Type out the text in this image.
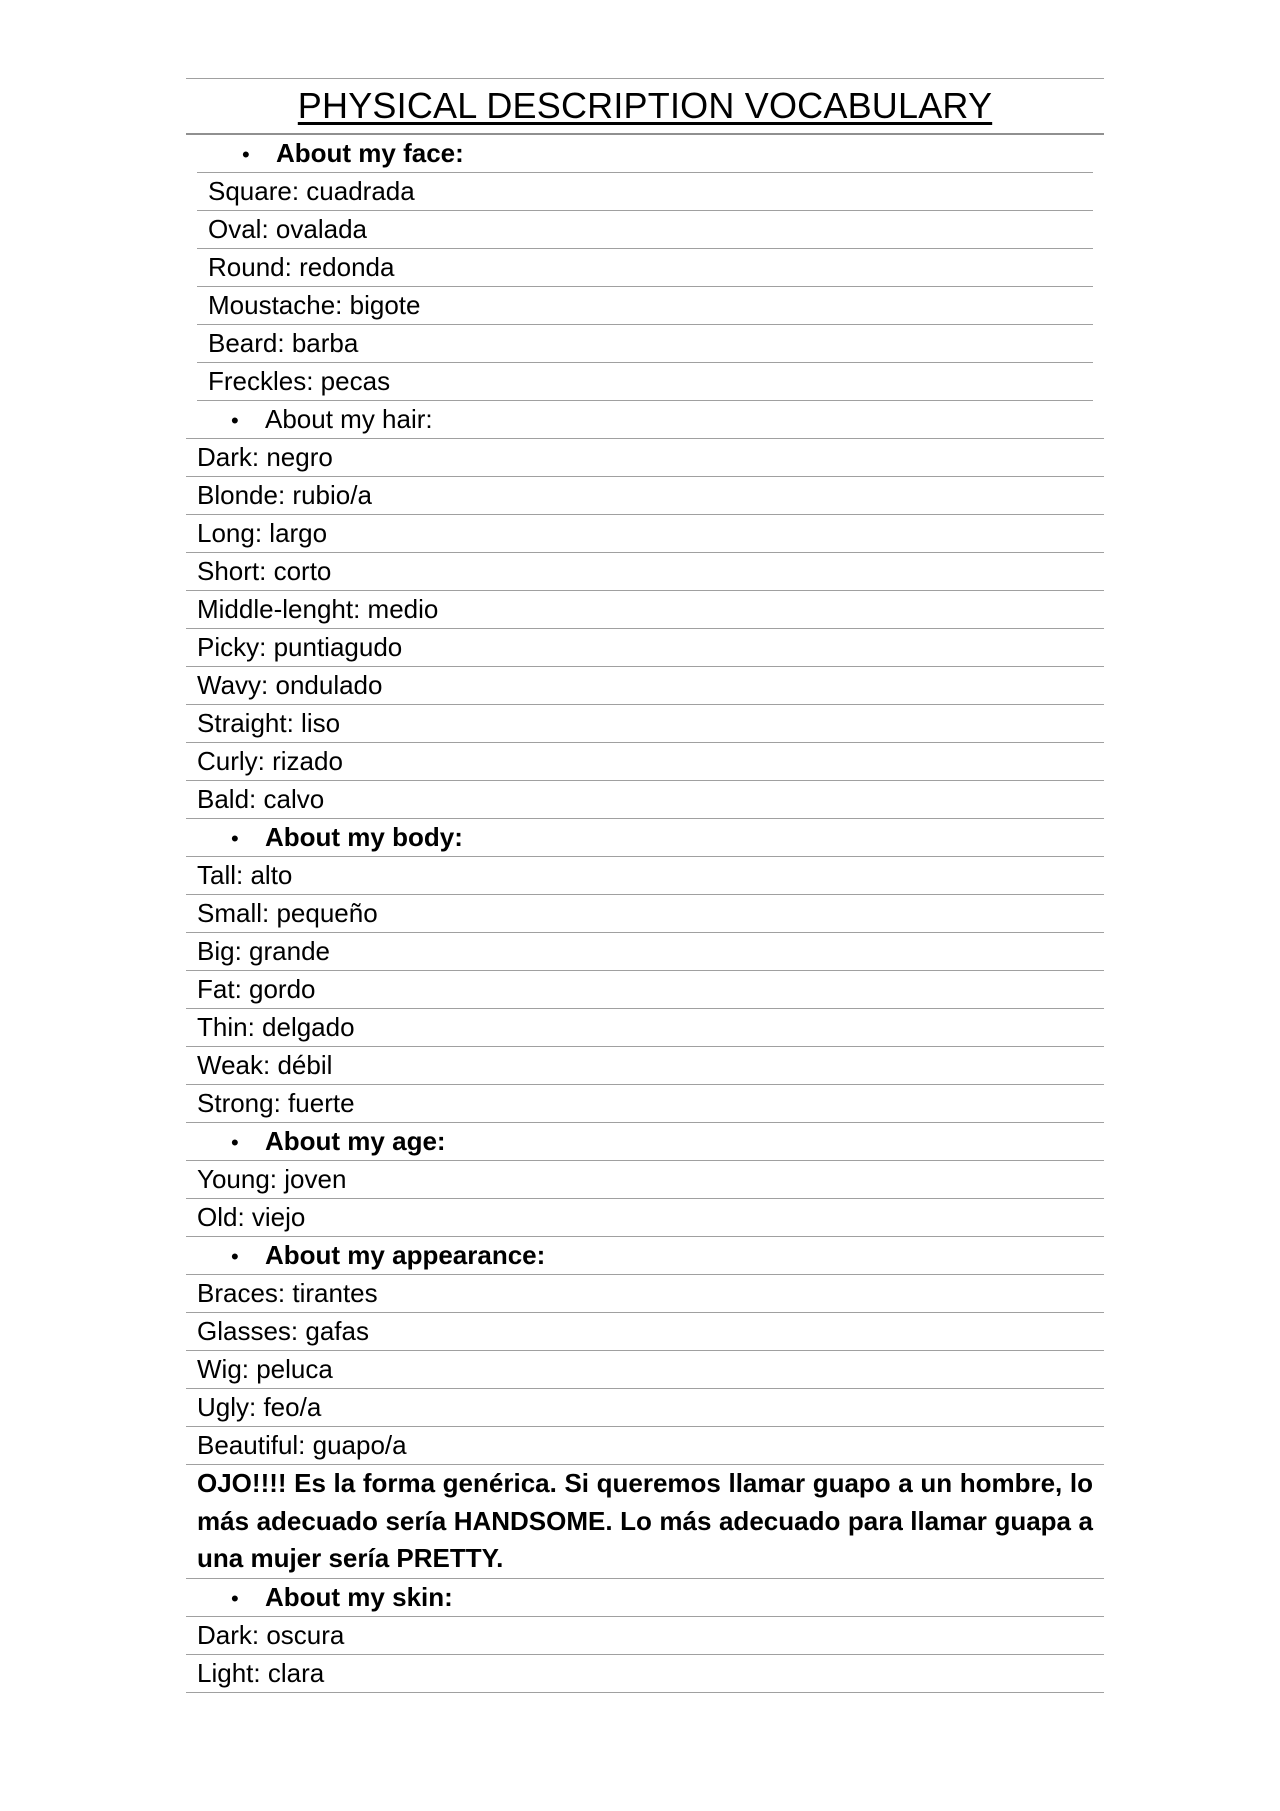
PHYSICAL DESCRIPTION VOCABULARY
• About my face:
Square: cuadrada
Oval: ovalada
Round: redonda
Moustache: bigote
Beard: barba
Freckles: pecas
• About my hair:
Dark: negro
Blonde: rubio/a
Long: largo
Short: corto
Middle-lenght: medio
Picky: puntiagudo
Wavy: ondulado
Straight: liso
Curly: rizado
Bald: calvo
• About my body:
Tall: alto
Small: pequeño
Big: grande
Fat: gordo
Thin: delgado
Weak: débil
Strong: fuerte
• About my age:
Young: joven
Old: viejo
• About my appearance:
Braces: tirantes
Glasses: gafas
Wig: peluca
Ugly: feo/a
Beautiful: guapo/a
OJO!!!! Es la forma genérica. Si queremos llamar guapo a un hombre, lo más adecuado sería HANDSOME. Lo más adecuado para llamar guapa a una mujer sería PRETTY.
• About my skin:
Dark: oscura
Light: clara
